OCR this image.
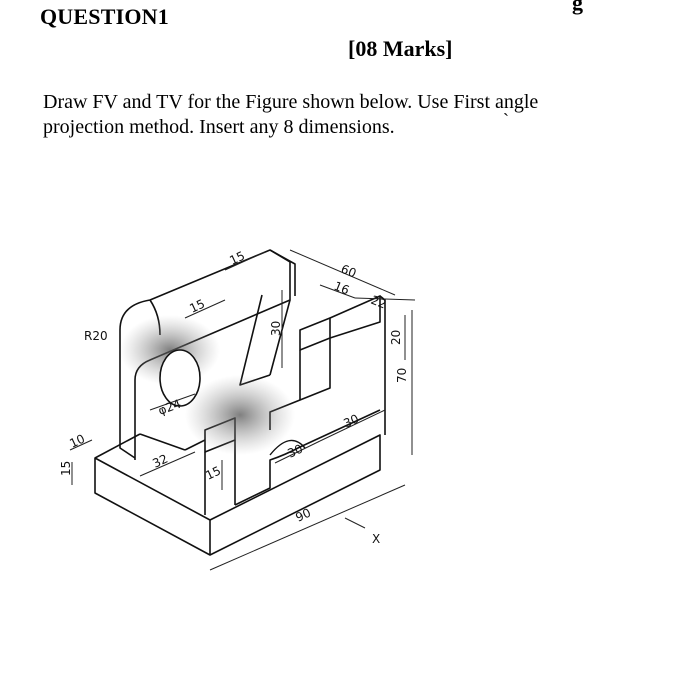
QUESTION1
g
[08 Marks]
Draw FV and TV for the Figure shown below. Use First angle projection method. Insert any 8 dimensions.	`
15
15
60
16
22
30
20
70
R20
φ24
10
15	32
15
30
30
90
X
